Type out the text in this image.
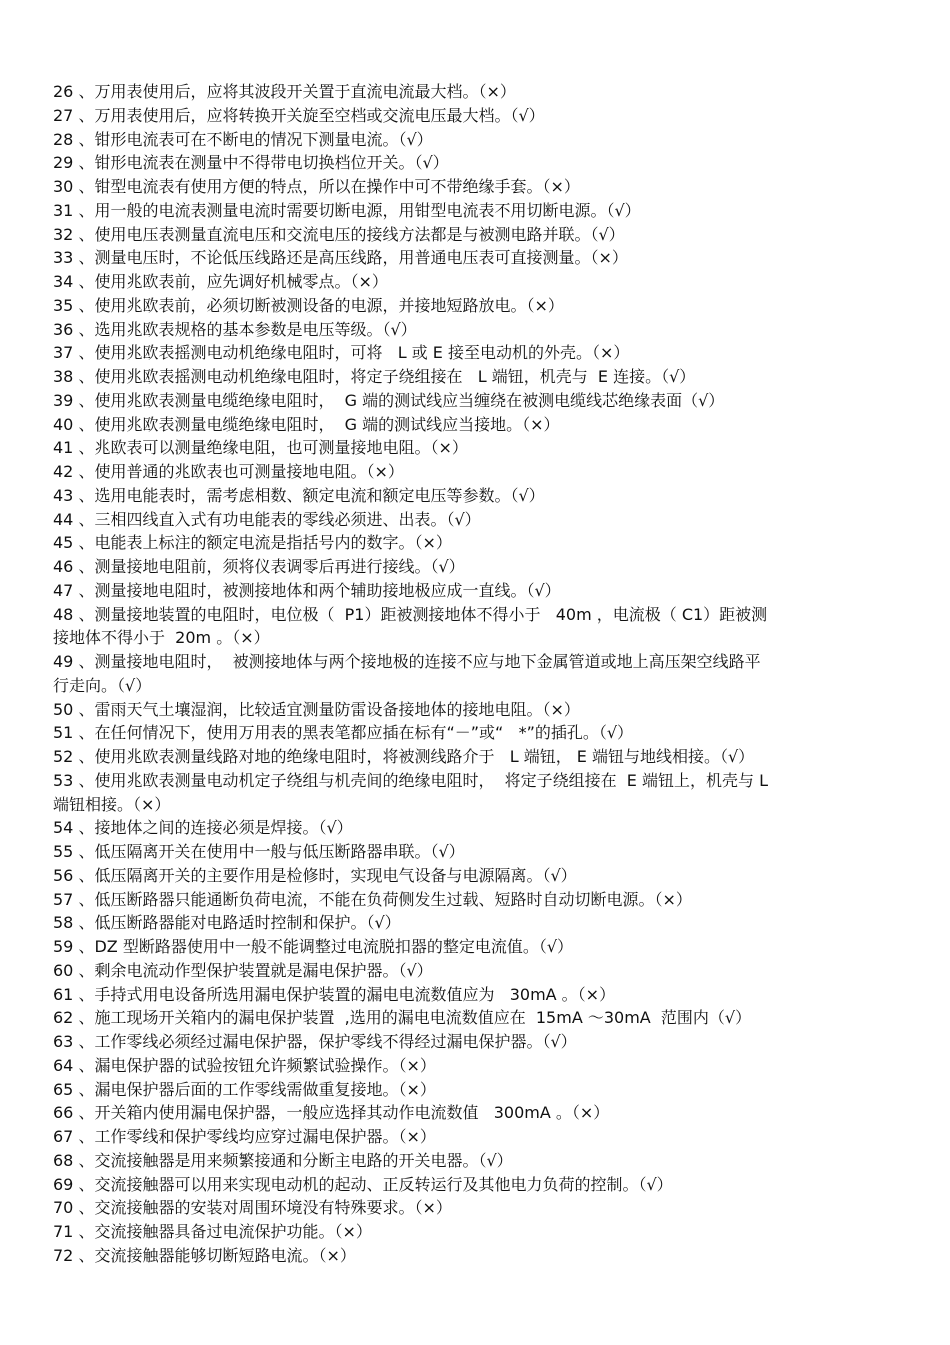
26 、万用表使用后，应将其波段开关置于直流电流最大档。（×）
27 、万用表使用后，应将转换开关旋至空档或交流电压最大档。（√）
28 、钳形电流表可在不断电的情况下测量电流。（√）
29 、钳形电流表在测量中不得带电切换档位开关。（√）
30 、钳型电流表有使用方便的特点，所以在操作中可不带绝缘手套。（×）
31 、用一般的电流表测量电流时需要切断电源，用钳型电流表不用切断电源。（√）
32 、使用电压表测量直流电压和交流电压的接线方法都是与被测电路并联。（√）
33 、测量电压时，不论低压线路还是高压线路，用普通电压表可直接测量。（×）
34 、使用兆欧表前，应先调好机械零点。（×）
35 、使用兆欧表前，必须切断被测设备的电源，并接地短路放电。（×）
36 、选用兆欧表规格的基本参数是电压等级。（√）
37 、使用兆欧表摇测电动机绝缘电阻时，可将   L 或 E 接至电动机的外壳。（×）
38 、使用兆欧表摇测电动机绝缘电阻时，将定子绕组接在   L 端钮，机壳与  E 连接。（√）
39 、使用兆欧表测量电缆绝缘电阻时，  G 端的测试线应当缠绕在被测电缆线芯绝缘表面（√）
40 、使用兆欧表测量电缆绝缘电阻时，  G 端的测试线应当接地。（×）
41 、兆欧表可以测量绝缘电阻，也可测量接地电阻。（×）
42 、使用普通的兆欧表也可测量接地电阻。（×）
43 、选用电能表时，需考虑相数、额定电流和额定电压等参数。（√）
44 、三相四线直入式有功电能表的零线必须进、出表。（√）
45 、电能表上标注的额定电流是指括号内的数字。（×）
46 、测量接地电阻前，须将仪表调零后再进行接线。（√）
47 、测量接地电阻时，被测接地体和两个辅助接地极应成一直线。（√）
48 、测量接地装置的电阻时，电位极（  P1）距被测接地体不得小于   40m ，电流极（ C1）距被测
接地体不得小于  20m 。（×）
49 、测量接地电阻时，  被测接地体与两个接地极的连接不应与地下金属管道或地上高压架空线路平
行走向。（√）
50 、雷雨天气土壤湿润，比较适宜测量防雷设备接地体的接地电阻。（×）
51 、在任何情况下，使用万用表的黑表笔都应插在标有“－”或“   *”的插孔。（√）
52 、使用兆欧表测量线路对地的绝缘电阻时，将被测线路介于   L 端钮， E 端钮与地线相接。（√）
53 、使用兆欧表测量电动机定子绕组与机壳间的绝缘电阻时，  将定子绕组接在  E 端钮上，机壳与 L
端钮相接。（×）
54 、接地体之间的连接必须是焊接。（√）
55 、低压隔离开关在使用中一般与低压断路器串联。（√）
56 、低压隔离开关的主要作用是检修时，实现电气设备与电源隔离。（√）
57 、低压断路器只能通断负荷电流，不能在负荷侧发生过载、短路时自动切断电源。（×）
58 、低压断路器能对电路适时控制和保护。（√）
59 、DZ 型断路器使用中一般不能调整过电流脱扣器的整定电流值。（√）
60 、剩余电流动作型保护装置就是漏电保护器。（√）
61 、手持式用电设备所选用漏电保护装置的漏电电流数值应为   30mA 。（×）
62 、施工现场开关箱内的漏电保护装置  ,选用的漏电电流数值应在  15mA ～30mA  范围内（√）
63 、工作零线必须经过漏电保护器，保护零线不得经过漏电保护器。（√）
64 、漏电保护器的试验按钮允许频繁试验操作。（×）
65 、漏电保护器后面的工作零线需做重复接地。（×）
66 、开关箱内使用漏电保护器，一般应选择其动作电流数值   300mA 。（×）
67 、工作零线和保护零线均应穿过漏电保护器。（×）
68 、交流接触器是用来频繁接通和分断主电路的开关电器。（√）
69 、交流接触器可以用来实现电动机的起动、正反转运行及其他电力负荷的控制。（√）
70 、交流接触器的安装对周围环境没有特殊要求。（×）
71 、交流接触器具备过电流保护功能。（×）
72 、交流接触器能够切断短路电流。（×）
